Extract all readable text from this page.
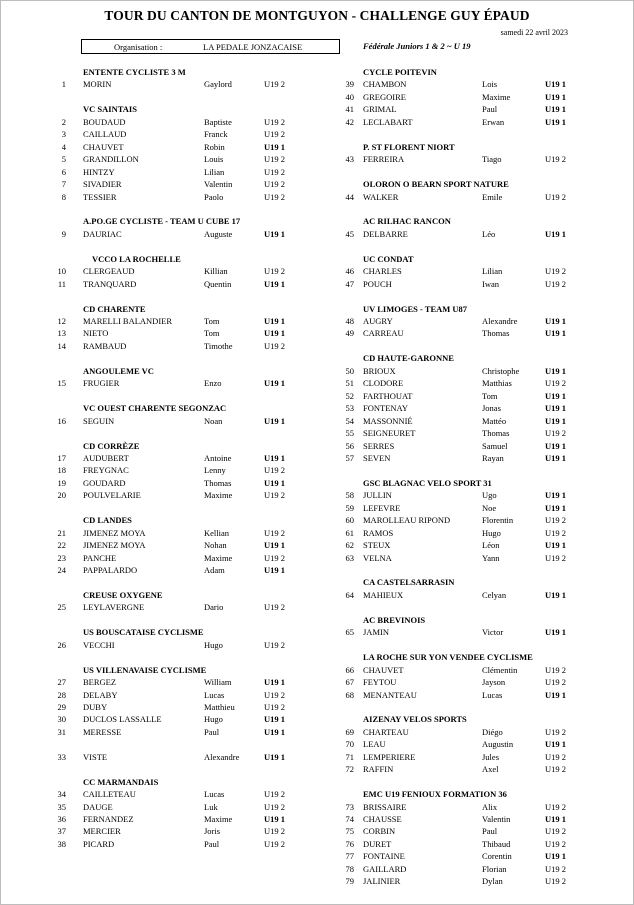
TOUR DU CANTON DE MONTGUYON - CHALLENGE GUY ÉPAUD
samedi 22 avril 2023
Organisation :	LA PEDALE JONZACAISE	Fédérale Juniors 1 & 2 ~ U 19
ENTENTE CYCLISTE 3 M
1 MORIN	Gaylord	U19 2
VC SAINTAIS
2 BOUDAUD	Baptiste	U19 2
3 CAILLAUD	Franck	U19 2
4 CHAUVET	Robin	U19 1
5 GRANDILLON	Louis	U19 2
6 HINTZY	Lilian	U19 2
7 SIVADIER	Valentin	U19 2
8 TESSIER	Paolo	U19 2
A.PO.GE CYCLISTE - TEAM U CUBE 17
9 DAURIAC	Auguste	U19 1
VCCO LA ROCHELLE
10 CLERGEAUD	Killian	U19 2
11 TRANQUARD	Quentin	U19 1
CD CHARENTE
12 MARELLI BALANDIER	Tom	U19 1
13 NIETO	Tom	U19 1
14 RAMBAUD	Timothe	U19 2
ANGOULEME VC
15 FRUGIER	Enzo	U19 1
VC OUEST CHARENTE SEGONZAC
16 SEGUIN	Noan	U19 1
CD CORRÈZE
17 AUDUBERT	Antoine	U19 1
18 FREYGNAC	Lenny	U19 2
19 GOUDARD	Thomas	U19 1
20 POULVELARIE	Maxime	U19 2
CD LANDES
21 JIMENEZ MOYA	Kellian	U19 2
22 JIMENEZ MOYA	Nohan	U19 1
23 PANCHE	Maxime	U19 2
24 PAPPALARDO	Adam	U19 1
CREUSE OXYGENE
25 LEYLAVERGNE	Dario	U19 2
US BOUSCATAISE CYCLISME
26 VECCHI	Hugo	U19 2
US VILLENAVAISE CYCLISME
27 BERGEZ	William	U19 1
28 DELABY	Lucas	U19 2
29 DUBY	Matthieu	U19 2
30 DUCLOS LASSALLE	Hugo	U19 1
31 MERESSE	Paul	U19 1
33 VISTE	Alexandre	U19 1
CC MARMANDAIS
34 CAILLETEAU	Lucas	U19 2
35 DAUGE	Luk	U19 2
36 FERNANDEZ	Maxime	U19 1
37 MERCIER	Joris	U19 2
38 PICARD	Paul	U19 2
CYCLE POITEVIN
39 CHAMBON	Lois	U19 1
40 GREGOIRE	Maxime	U19 1
41 GRIMAL	Paul	U19 1
42 LECLABART	Erwan	U19 1
P. ST FLORENT NIORT
43 FERREIRA	Tiago	U19 2
OLORON O BEARN SPORT NATURE
44 WALKER	Emile	U19 2
AC RILHAC RANCON
45 DELBARRE	Léo	U19 1
UC CONDAT
46 CHARLES	Lilian	U19 2
47 POUCH	Iwan	U19 2
UV LIMOGES - TEAM U87
48 AUGRY	Alexandre	U19 1
49 CARREAU	Thomas	U19 1
CD HAUTE-GARONNE
50 BRIOUX	Christophe	U19 1
51 CLODORE	Matthias	U19 2
52 FARTHOUAT	Tom	U19 1
53 FONTENAY	Jonas	U19 1
54 MASSONNIÉ	Mattéo	U19 1
55 SEIGNEURET	Thomas	U19 2
56 SERRES	Samuel	U19 1
57 SEVEN	Rayan	U19 1
GSC BLAGNAC VELO SPORT 31
58 JULLIN	Ugo	U19 1
59 LEFEVRE	Noe	U19 1
60 MAROLLEAU RIPOND	Florentin	U19 2
61 RAMOS	Hugo	U19 2
62 STEUX	Léon	U19 1
63 VELNA	Yann	U19 2
CA CASTELSARRASIN
64 MAHIEUX	Celyan	U19 1
AC BREVINOIS
65 JAMIN	Victor	U19 1
LA ROCHE SUR YON VENDEE CYCLISME
66 CHAUVET	Clémentin	U19 2
67 FEYTOU	Jayson	U19 2
68 MENANTEAU	Lucas	U19 1
AIZENAY VELOS SPORTS
69 CHARTEAU	Diégo	U19 2
70 LEAU	Augustin	U19 1
71 LEMPERIERE	Jules	U19 2
72 RAFFIN	Axel	U19 2
EMC U19 FENIOUX FORMATION 36
73 BRISSAIRE	Alix	U19 2
74 CHAUSSE	Valentin	U19 1
75 CORBIN	Paul	U19 2
76 DURET	Thibaud	U19 2
77 FONTAINE	Corentin	U19 1
78 GAILLARD	Florian	U19 2
79 JALINIER	Dylan	U19 2
